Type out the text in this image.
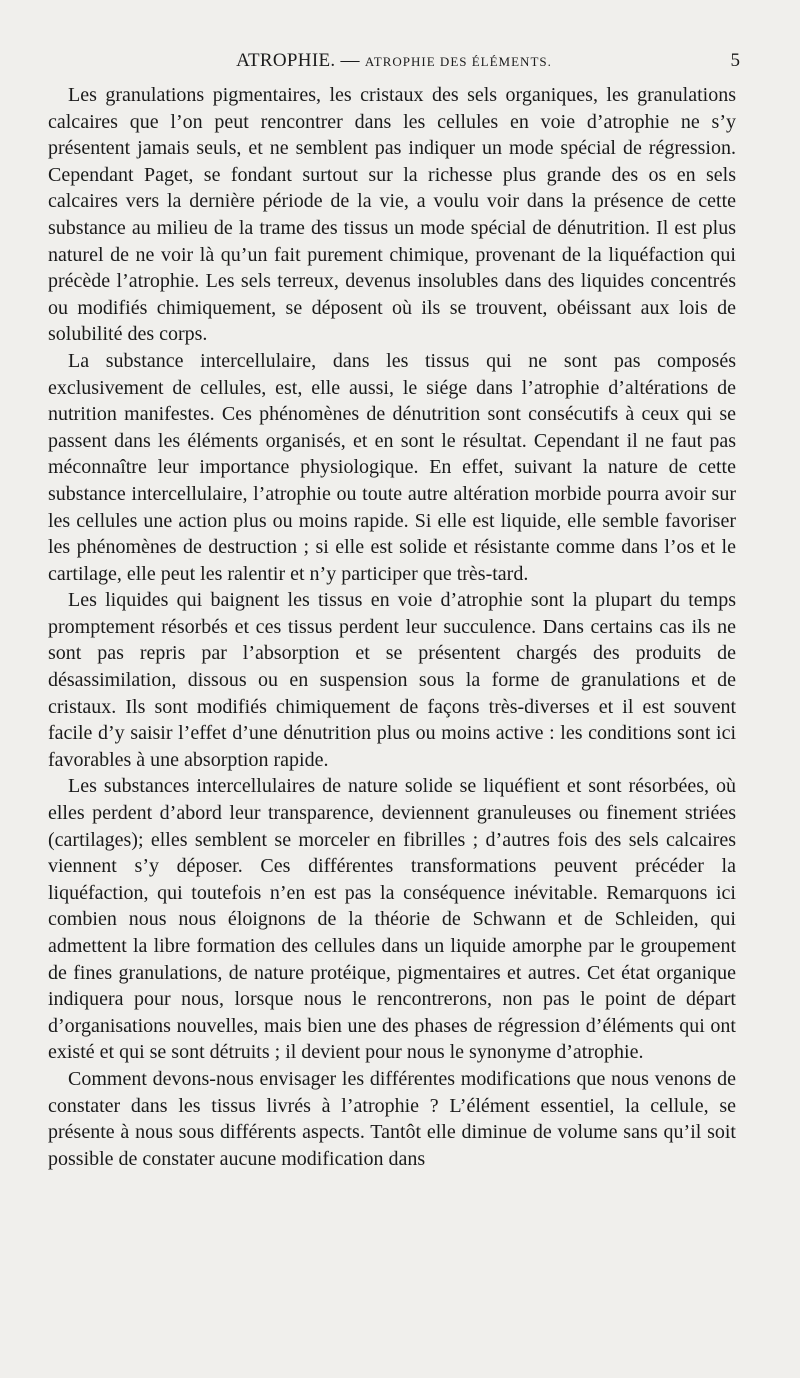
ATROPHIE. — ATROPHIE DES ÉLÉMENTS.	5

Les granulations pigmentaires, les cristaux des sels organiques, les granulations calcaires que l’on peut rencontrer dans les cellules en voie d’atrophie ne s’y présentent jamais seuls, et ne semblent pas indiquer un mode spécial de régression. Cependant Paget, se fondant surtout sur la richesse plus grande des os en sels calcaires vers la dernière période de la vie, a voulu voir dans la présence de cette substance au milieu de la trame des tissus un mode spécial de dénutrition. Il est plus naturel de ne voir là qu’un fait purement chimique, provenant de la liquéfaction qui précède l’atrophie. Les sels terreux, devenus insolubles dans des liquides concentrés ou modifiés chimiquement, se déposent où ils se trouvent, obéissant aux lois de solubilité des corps.

La substance intercellulaire, dans les tissus qui ne sont pas composés exclusivement de cellules, est, elle aussi, le siége dans l’atrophie d’altérations de nutrition manifestes. Ces phénomènes de dénutrition sont consécutifs à ceux qui se passent dans les éléments organisés, et en sont le résultat. Cependant il ne faut pas méconnaître leur importance physiologique. En effet, suivant la nature de cette substance intercellulaire, l’atrophie ou toute autre altération morbide pourra avoir sur les cellules une action plus ou moins rapide. Si elle est liquide, elle semble favoriser les phénomènes de destruction ; si elle est solide et résistante comme dans l’os et le cartilage, elle peut les ralentir et n’y participer que très-tard.

Les liquides qui baignent les tissus en voie d’atrophie sont la plupart du temps promptement résorbés et ces tissus perdent leur succulence. Dans certains cas ils ne sont pas repris par l’absorption et se présentent chargés des produits de désassimilation, dissous ou en suspension sous la forme de granulations et de cristaux. Ils sont modifiés chimiquement de façons très-diverses et il est souvent facile d’y saisir l’effet d’une dénutrition plus ou moins active : les conditions sont ici favorables à une absorption rapide.

Les substances intercellulaires de nature solide se liquéfient et sont résorbées, où elles perdent d’abord leur transparence, deviennent granuleuses ou finement striées (cartilages); elles semblent se morceler en fibrilles ; d’autres fois des sels calcaires viennent s’y déposer. Ces différentes transformations peuvent précéder la liquéfaction, qui toutefois n’en est pas la conséquence inévitable. Remarquons ici combien nous nous éloignons de la théorie de Schwann et de Schleiden, qui admettent la libre formation des cellules dans un liquide amorphe par le groupement de fines granulations, de nature protéique, pigmentaires et autres. Cet état organique indiquera pour nous, lorsque nous le rencontrerons, non pas le point de départ d’organisations nouvelles, mais bien une des phases de régression d’éléments qui ont existé et qui se sont détruits ; il devient pour nous le synonyme d’atrophie.

Comment devons-nous envisager les différentes modifications que nous venons de constater dans les tissus livrés à l’atrophie ? L’élément essentiel, la cellule, se présente à nous sous différents aspects. Tantôt elle diminue de volume sans qu’il soit possible de constater aucune modification dans
